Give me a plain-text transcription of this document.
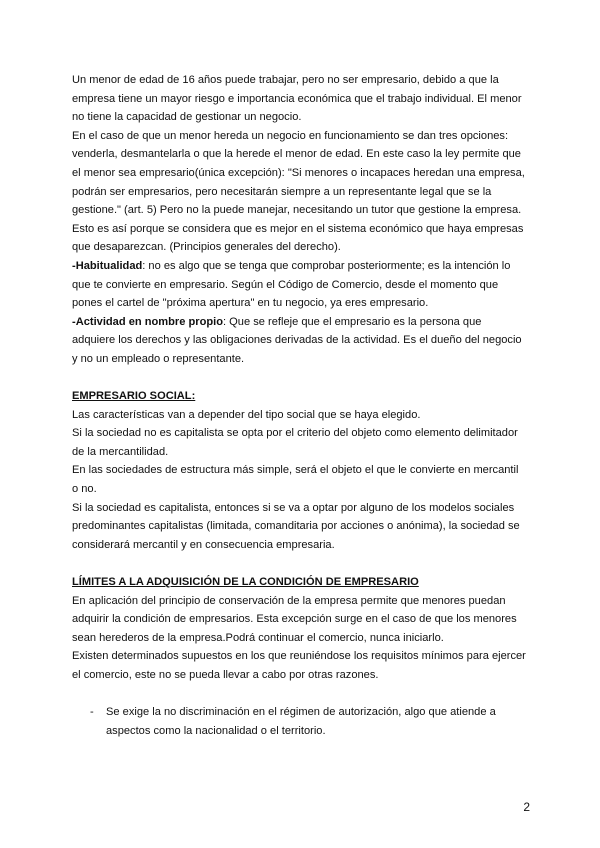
Un menor de edad de 16 años puede trabajar, pero no ser empresario, debido a que la
empresa tiene un mayor riesgo e importancia económica que el trabajo individual. El menor
no tiene la capacidad de gestionar un negocio.
En el caso de que un menor hereda un negocio en funcionamiento se dan tres opciones:
venderla, desmantelarla o que la herede el menor de edad. En este caso la ley permite que
el menor sea empresario(única excepción): "Si menores o incapaces heredan una empresa,
podrán ser empresarios, pero necesitarán siempre a un representante legal que se la
gestione." (art. 5) Pero no la puede manejar, necesitando un tutor que gestione la empresa.
Esto es así porque se considera que es mejor en el sistema económico que haya empresas
que desaparezcan. (Principios generales del derecho).
-Habitualidad: no es algo que se tenga que comprobar posteriormente; es la intención lo
que te convierte en empresario. Según el Código de Comercio, desde el momento que
pones el cartel de "próxima apertura" en tu negocio, ya eres empresario.
-Actividad en nombre propio: Que se refleje que el empresario es la persona que
adquiere los derechos y las obligaciones derivadas de la actividad. Es el dueño del negocio
y no un empleado o representante.
EMPRESARIO SOCIAL:
Las características van a depender del tipo social que se haya elegido.
Si la sociedad no es capitalista se opta por el criterio del objeto como elemento delimitador
de la mercantilidad.
En las sociedades de estructura más simple, será el objeto el que le convierte en mercantil
o no.
Si la sociedad es capitalista, entonces si se va a optar por alguno de los modelos sociales
predominantes capitalistas (limitada, comanditaria por acciones o anónima), la sociedad se
considerará mercantil y en consecuencia empresaria.
LÍMITES A LA ADQUISICIÓN DE LA CONDICIÓN DE EMPRESARIO
En aplicación del principio de conservación de la empresa permite que menores puedan
adquirir la condición de empresarios. Esta excepción surge en el caso de que los menores
sean herederos de la empresa.Podrá continuar el comercio, nunca iniciarlo.
Existen determinados supuestos en los que reuniéndose los requisitos mínimos para ejercer
el comercio, este no se pueda llevar a cabo por otras razones.
-	Se exige la no discriminación en el régimen de autorización, algo que atiende a
aspectos como la nacionalidad o el territorio.
2
